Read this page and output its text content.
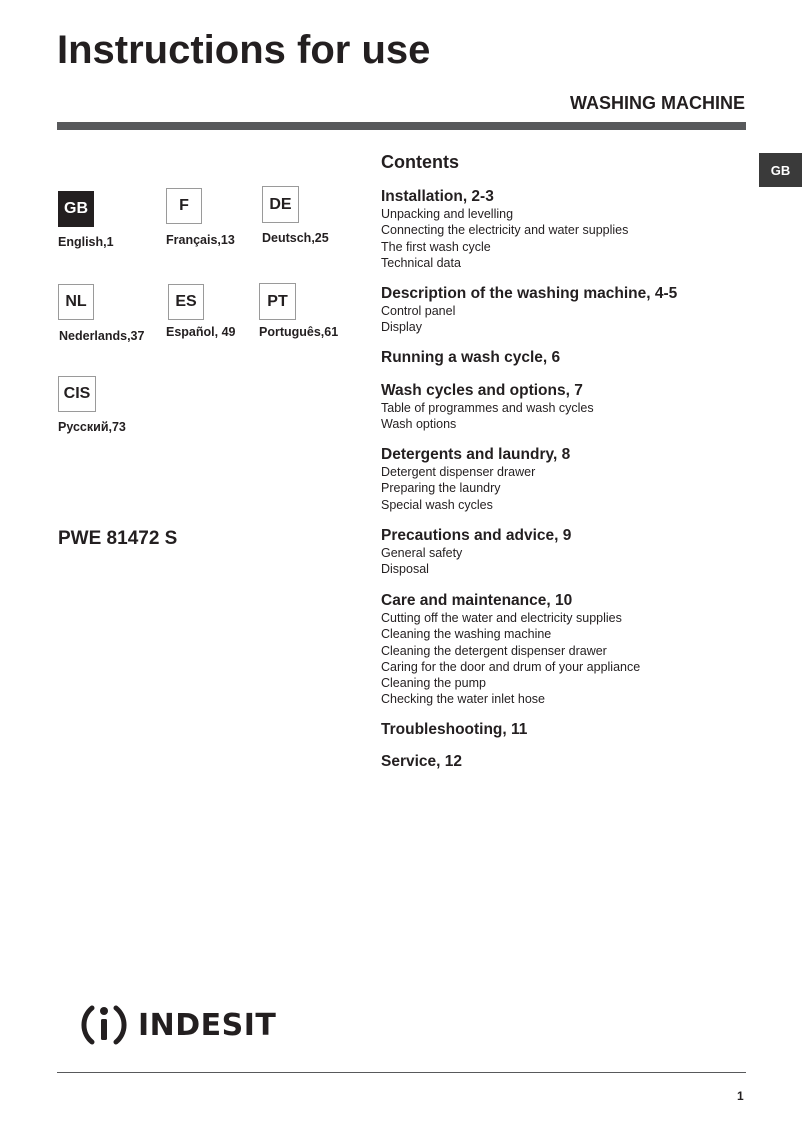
Instructions for use
WASHING MACHINE
GB
GB
English,1
F
Français,13
DE
Deutsch,25
NL
Nederlands,37
ES
Español, 49
PT
Português,61
CIS
Русский,73
PWE 81472 S
Contents
Installation, 2-3
Unpacking and levelling
Connecting the electricity and water supplies
The first wash cycle
Technical data
Description of the washing machine, 4-5
Control panel
Display
Running a wash cycle, 6
Wash cycles and options, 7
Table of programmes and wash cycles
Wash options
Detergents and laundry, 8
Detergent dispenser drawer
Preparing the laundry
Special wash cycles
Precautions and advice, 9
General safety
Disposal
Care and maintenance, 10
Cutting off the water and electricity supplies
Cleaning the washing machine
Cleaning the detergent dispenser drawer
Caring for the door and drum of your appliance
Cleaning the pump
Checking the water inlet hose
Troubleshooting, 11
Service, 12
INDESIT
1
